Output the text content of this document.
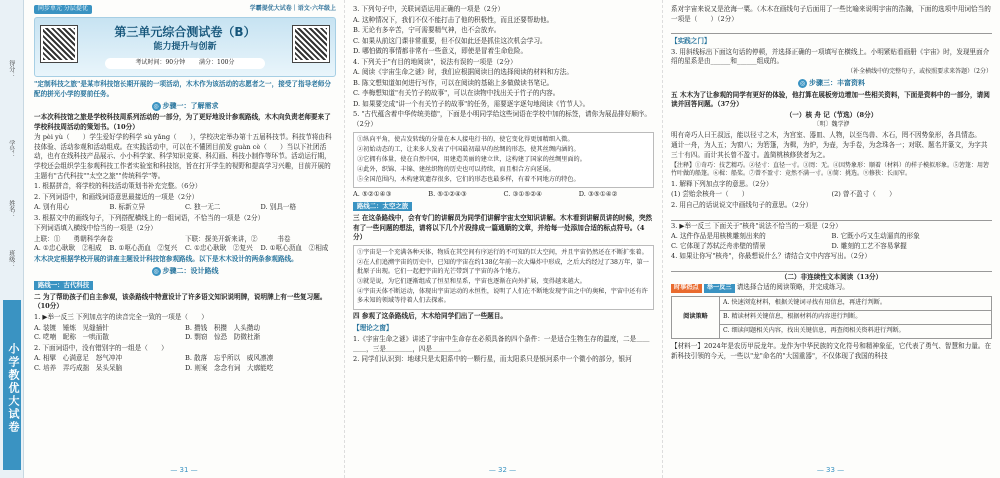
得分：
学号：
姓名：
班级：
小学教优大试卷
同步单元 分层提优	学霸提优大试卷｜语文·六年级上
第三单元综合测试卷（B）
能力提升与创新
考试时间：90分钟 满分：100分

"定制科技之旅"是某市科技馆长期开展的一项活动，木木作为该活动的志愿者之一，接受了指导老师分配的拼光小学的要前任务。

◎ 步骤一：了解需求

一本次科技馆之旅是学校科技周系列活动的一部分，为了更好地设计参观路线，木木向负责老师要来了学校科技周活动的策划书。（10分）

为 pèi yù（　　）学生爱好学的科学 sù yǎng（　　），学校决定举办第十五届科技节。科技节将由科技体验、活动参观和活动组成。在实践活动中，可以在不懂团目前发 guàn cè（　　）当以下社团活动，也有在线科技产品展示、小小科学家、科学知识竞赛、科幻画、科技小制作等环节。活动运行期，学校还会组织学生参观科技工作者实验室和科技馆，旨在打开学生的视野和提高学习兴趣，目前开展的主题有"古代科技""太空之旅""传统科学"等。

1. 根据拼音，将学校的科技活动策划书补充完整。（6分）

2. 下列词语中，和画线词语意思最接近的一项是（2分）

A. 别有用心	B. 标新立异	C. 独一无二	D. 别具一格

3. 根据文中的画线句子，下列搭配横线上的一组词语，不恰当的一项是（2分）

下列词语填入横线中恰当的一项是（2分）

上联：①　　勇朝科学奔卷	下联：探美开新来讲，②　　　书卷
A. ①忠心耿耿　②相成	B. ①呕心沥血　②复兴	C. ①忠心耿耿　②复兴	D. ①呕心沥血　②相成

木木决定根据学校开展的讲座主题设计科技馆参观路线。以下是木木设计的两条参观路线。

◎ 步骤二：设计路线
路线一：古代科技

二 为了帮助孩子们自主参观，该条路线中特意设计了许多语文知识说明牌，说明牌上有一些复习题。（10分）

1. ▶举一反三 下列加点字的读音完全一致的一项是（　　）

A. 装镀　锤炼　见缝插针	B. 攒钱　积攒　人头攒动
C. 呓喃　昵称　一哄而散	D. 剽窃　惊恐　防微杜渐

2. 下面词语中，没有错别字的一组是（　　）

A. 相擘　心满意足　怒气冲冲	B. 散落　忘乎所以　威风凛凛
C. 培养　弄巧成拙　呆头呆脑	D. 则案　念念有词　大廓能吃
— 31 —

3. 下列句子中，关联词语运用正确的一项是（2分）

A. 这种情况下，我们不仅不能打击了他的积极性，而且还要帮助他。

B. 无论有多辛苦，宁可需要精气神，也不会放弃。

C. 如果从前这门课非常重要，但不仅如此还是抓住这次机会学习。

D. 哪怕做的事情都非常有一些意义，即使是冒着生命危险。

4. 下列关于"有目的地阅读"，说法有误的一项是（2分）

A. 阅读《宇宙生命之谜》时，我们应根据阅读目的选择阅读的材料和方法。

B. 陈文想知道如何进行写作，可以在阅读的基础上多做做读书笔记。

C. 李梅想知道"有关竹子的故事"，可以在读物中找出关于竹子的内容。

D. 如果要完成"讲一个有关竹子的故事"的任务，需要逐字逐句地阅读《竹节人》。

5. "古代蕴含着中华传统美德"，下面是小明同学给这些词语在学校中加的标签，请你为展品排好顺序。（2分）

①纵向平角，使吉发转线的分量在本人接电行书的，使它变化得更加精细入微。

②初始动态的工，让来多人发表了中国最初最早的丝绸的形态，使其丝绸内涵的。

③它拥有体量，使在自然中国，用建造美丽的建立世，这构建了国家的丝绸里面的。

④此外，织锦、丰锦、建丝织物的历史也可以持续，而且相合方向延展。

⑤全国范围内，木构建筑遗存很多，它们的形态也最多样，有着不同地方的特色。

A. ⑤②①④③	B. ⑤①②④③	C. ③①⑤②④	D. ③⑤①④②
路线二：太空之旅

三 在这条路线中，会有专门的讲解员为同学们讲解宇宙太空知识讲解。木木看到讲解员讲的时候，突然有了一些问题的想法，请将以下几个片段排成一篇通顺的文章，并给每一处添加合适的标点符号。（4分）

①宇宙是一个充满各种天体，物质在其空间有序运行的不可知的巨大空间，并且宇宙仍然还在不断扩张着。

②在人们追溯宇宙的历史中，已知的宇宙在约138亿年前一次大爆炸中形成，之后大约经过了38万年，第一批原子出现。它们一起把宇宙的光芒带到了宇宙的各个地方。

③就是说，为它们逐渐组成了恒星和星系，宇宙也逐渐在向外扩展，变得越来越大。

④宇宙天体不断运动，体现出宇宙运动的永恒性，说明了人们在不断地发现宇宙之中的奥秘，宇宙中还有许多未知的领域等待着人们去探索。

四 参观了这条路线后，木木给同学们出了一些题目。

【理论之窗】

1.《宇宙生命之谜》讲述了宇宙中生命存在必须具备的四个条件：一是适合生物生存的温度，二是＿＿＿＿，三是＿＿＿＿，四是＿＿＿＿。

2. 同学们认识到：地球只是太阳系中的一颗行星，而太阳系只是银河系中一个微小的部分，银河

— 32 —

系对宇宙来说又是沧海一粟。（木木在画线句子后面用了一些比喻来说明宇宙的浩瀚，下面的选项中用词恰当的一项是（　　）（2分）

【实践之门】

3. 用斜线标出下面这句话的停顿，并选择正确的一项填写在横线上。小明紧贴看画册《宇宙》时，发现里面介绍的星系是由______和______组成的。

（补全横线中的完整句子，或按照要求来答题）（2分）

◎ 步骤三：丰富资料

五 木木为了让参观的同学有更好的体验，他打算在展板旁边增加一些相关资料，下面是资料中的一部分，请阅读并回答问题。（37分）

（一）核 舟 记（节选）（8分）

〔明〕魏学洢

明有奇巧人曰王叔远，能以径寸之木，为宫室、器皿、人物，以至鸟兽、木石，罔不因势象形，各具情态。

通计一舟，为人五；为窗八；为箬篷，为楫，为炉，为壶，为手卷，为念珠各一；对联、题名并篆文，为字共三十有四。而计其长曾不盈寸。盖简桃核修狭者为之。

【注释】①奇巧：技艺精巧。②径寸：直径一寸。③罔：无。④因势象形：顺着（材料）的样子模拟形象。⑤箬篷：用箬竹叶做的船篷。⑥楫：船桨。⑦曾不盈寸：竟然不满一寸。⑧简：挑选。⑨修狭：长而窄。

1. 解释下列加点字的意思。（2分）

(1) 尝贻余核舟一（　　）	(2) 曾不盈寸（　　）

2. 用自己的话说说文中画线句子的意思。（2分）

3. ▶举一反三 下面关于"核舟"说法不恰当的一项是（2分）

A. 这件作品是用核桃雕刻出来的	B. 它既小巧又生动逼真的形象
C. 它体现了苏轼泛舟赤壁的情景	D. 雕刻的工艺不容易掌握

4. 如果让你写"核舟"，你最想说什么？请结合文中内容写出。（2分）

（二）非连续性文本阅读（13分）

时事热点 举一反三 请选择合适的阅读策略，并完成练习。

阅读策略	A. 快速浏览材料，根据关键词寻找有用信息，再进行判断。
B. 精读材料关键信息，根据材料的内容进行判断。
C. 细读问题相关内容，找出关键信息，再查阅相关资料进行判断。

【材料一】2024年是农历甲辰龙年。龙作为中华民族的文化符号和精神象征，它代表了勇气、智慧和力量。在新科技引领的今天，一些以"龙"命名的"大国重器"，不仅体现了我国的科技

— 33 —
